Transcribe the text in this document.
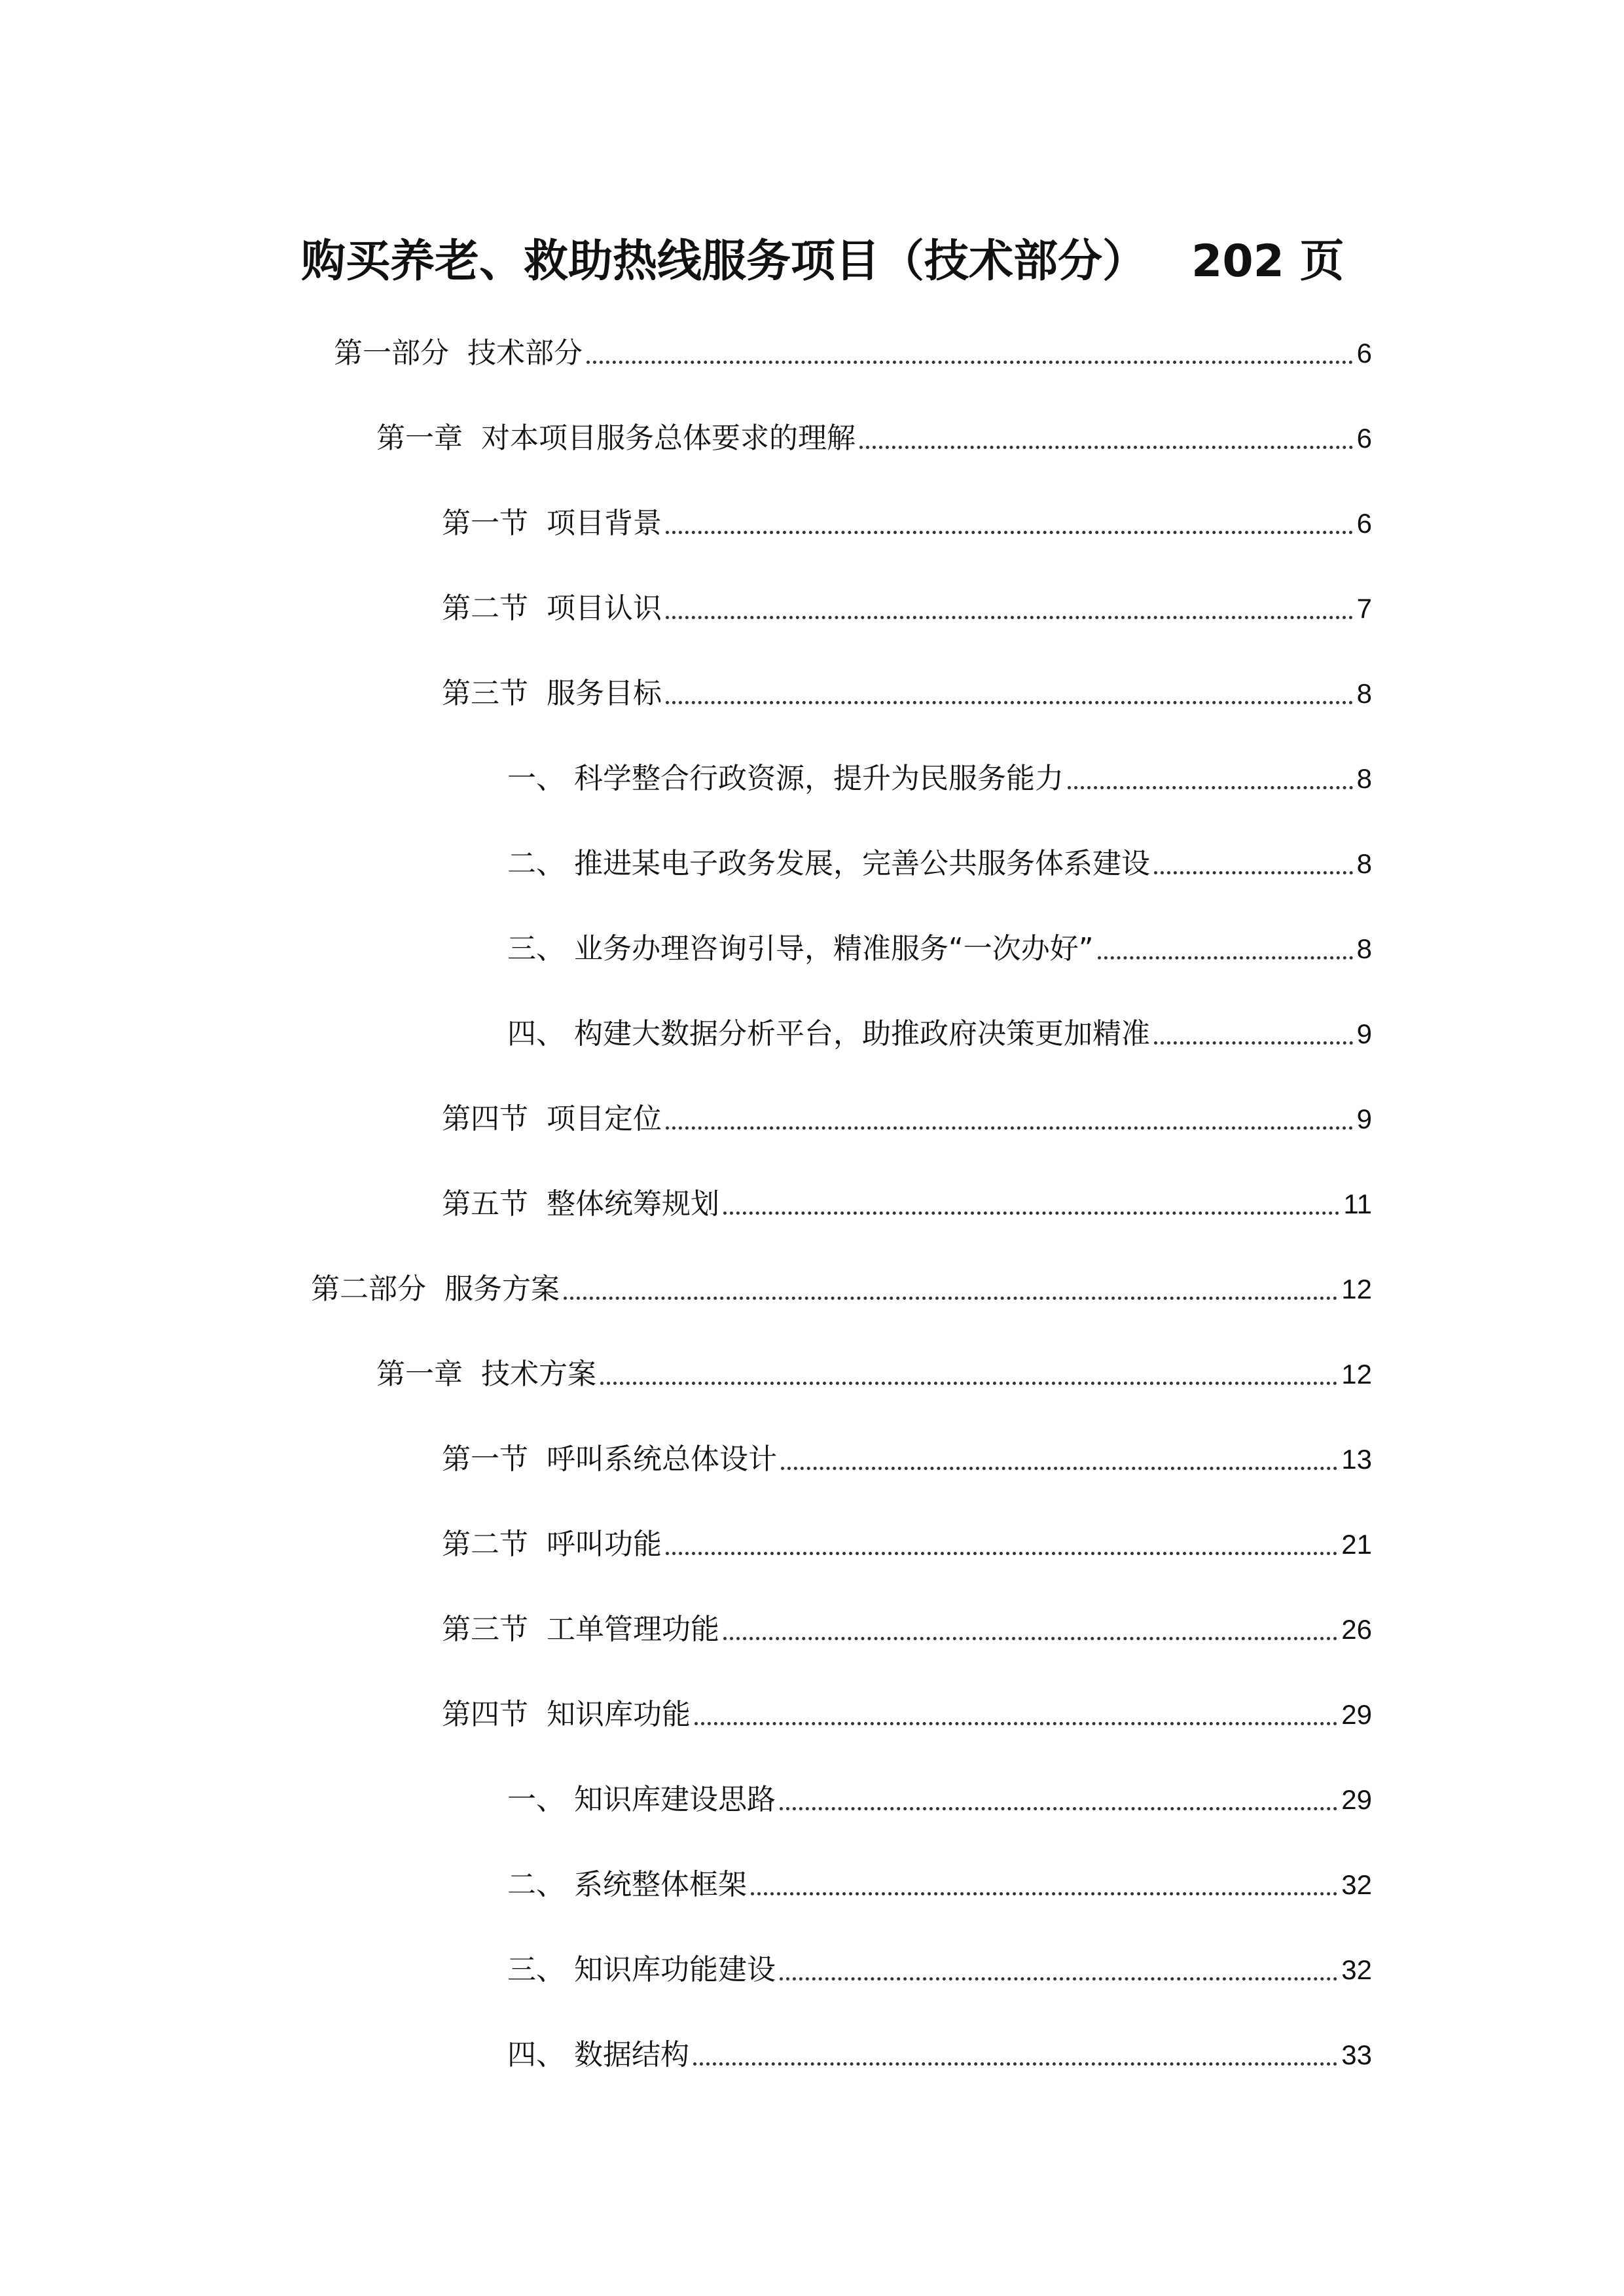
购买养老、救助热线服务项目（技术部分） 202 页
第一部分 技术部分	6
第一章 对本项目服务总体要求的理解	6
第一节 项目背景	6
第二节 项目认识	7
第三节 服务目标	8
一、 科学整合行政资源，提升为民服务能力	8
二、 推进某电子政务发展，完善公共服务体系建设	8
三、 业务办理咨询引导，精准服务“一次办好”	8
四、 构建大数据分析平台，助推政府决策更加精准	9
第四节 项目定位	9
第五节 整体统筹规划	11
第二部分 服务方案	12
第一章 技术方案	12
第一节 呼叫系统总体设计	13
第二节 呼叫功能	21
第三节 工单管理功能	26
第四节 知识库功能	29
一、 知识库建设思路	29
二、 系统整体框架	32
三、 知识库功能建设	32
四、 数据结构	33
